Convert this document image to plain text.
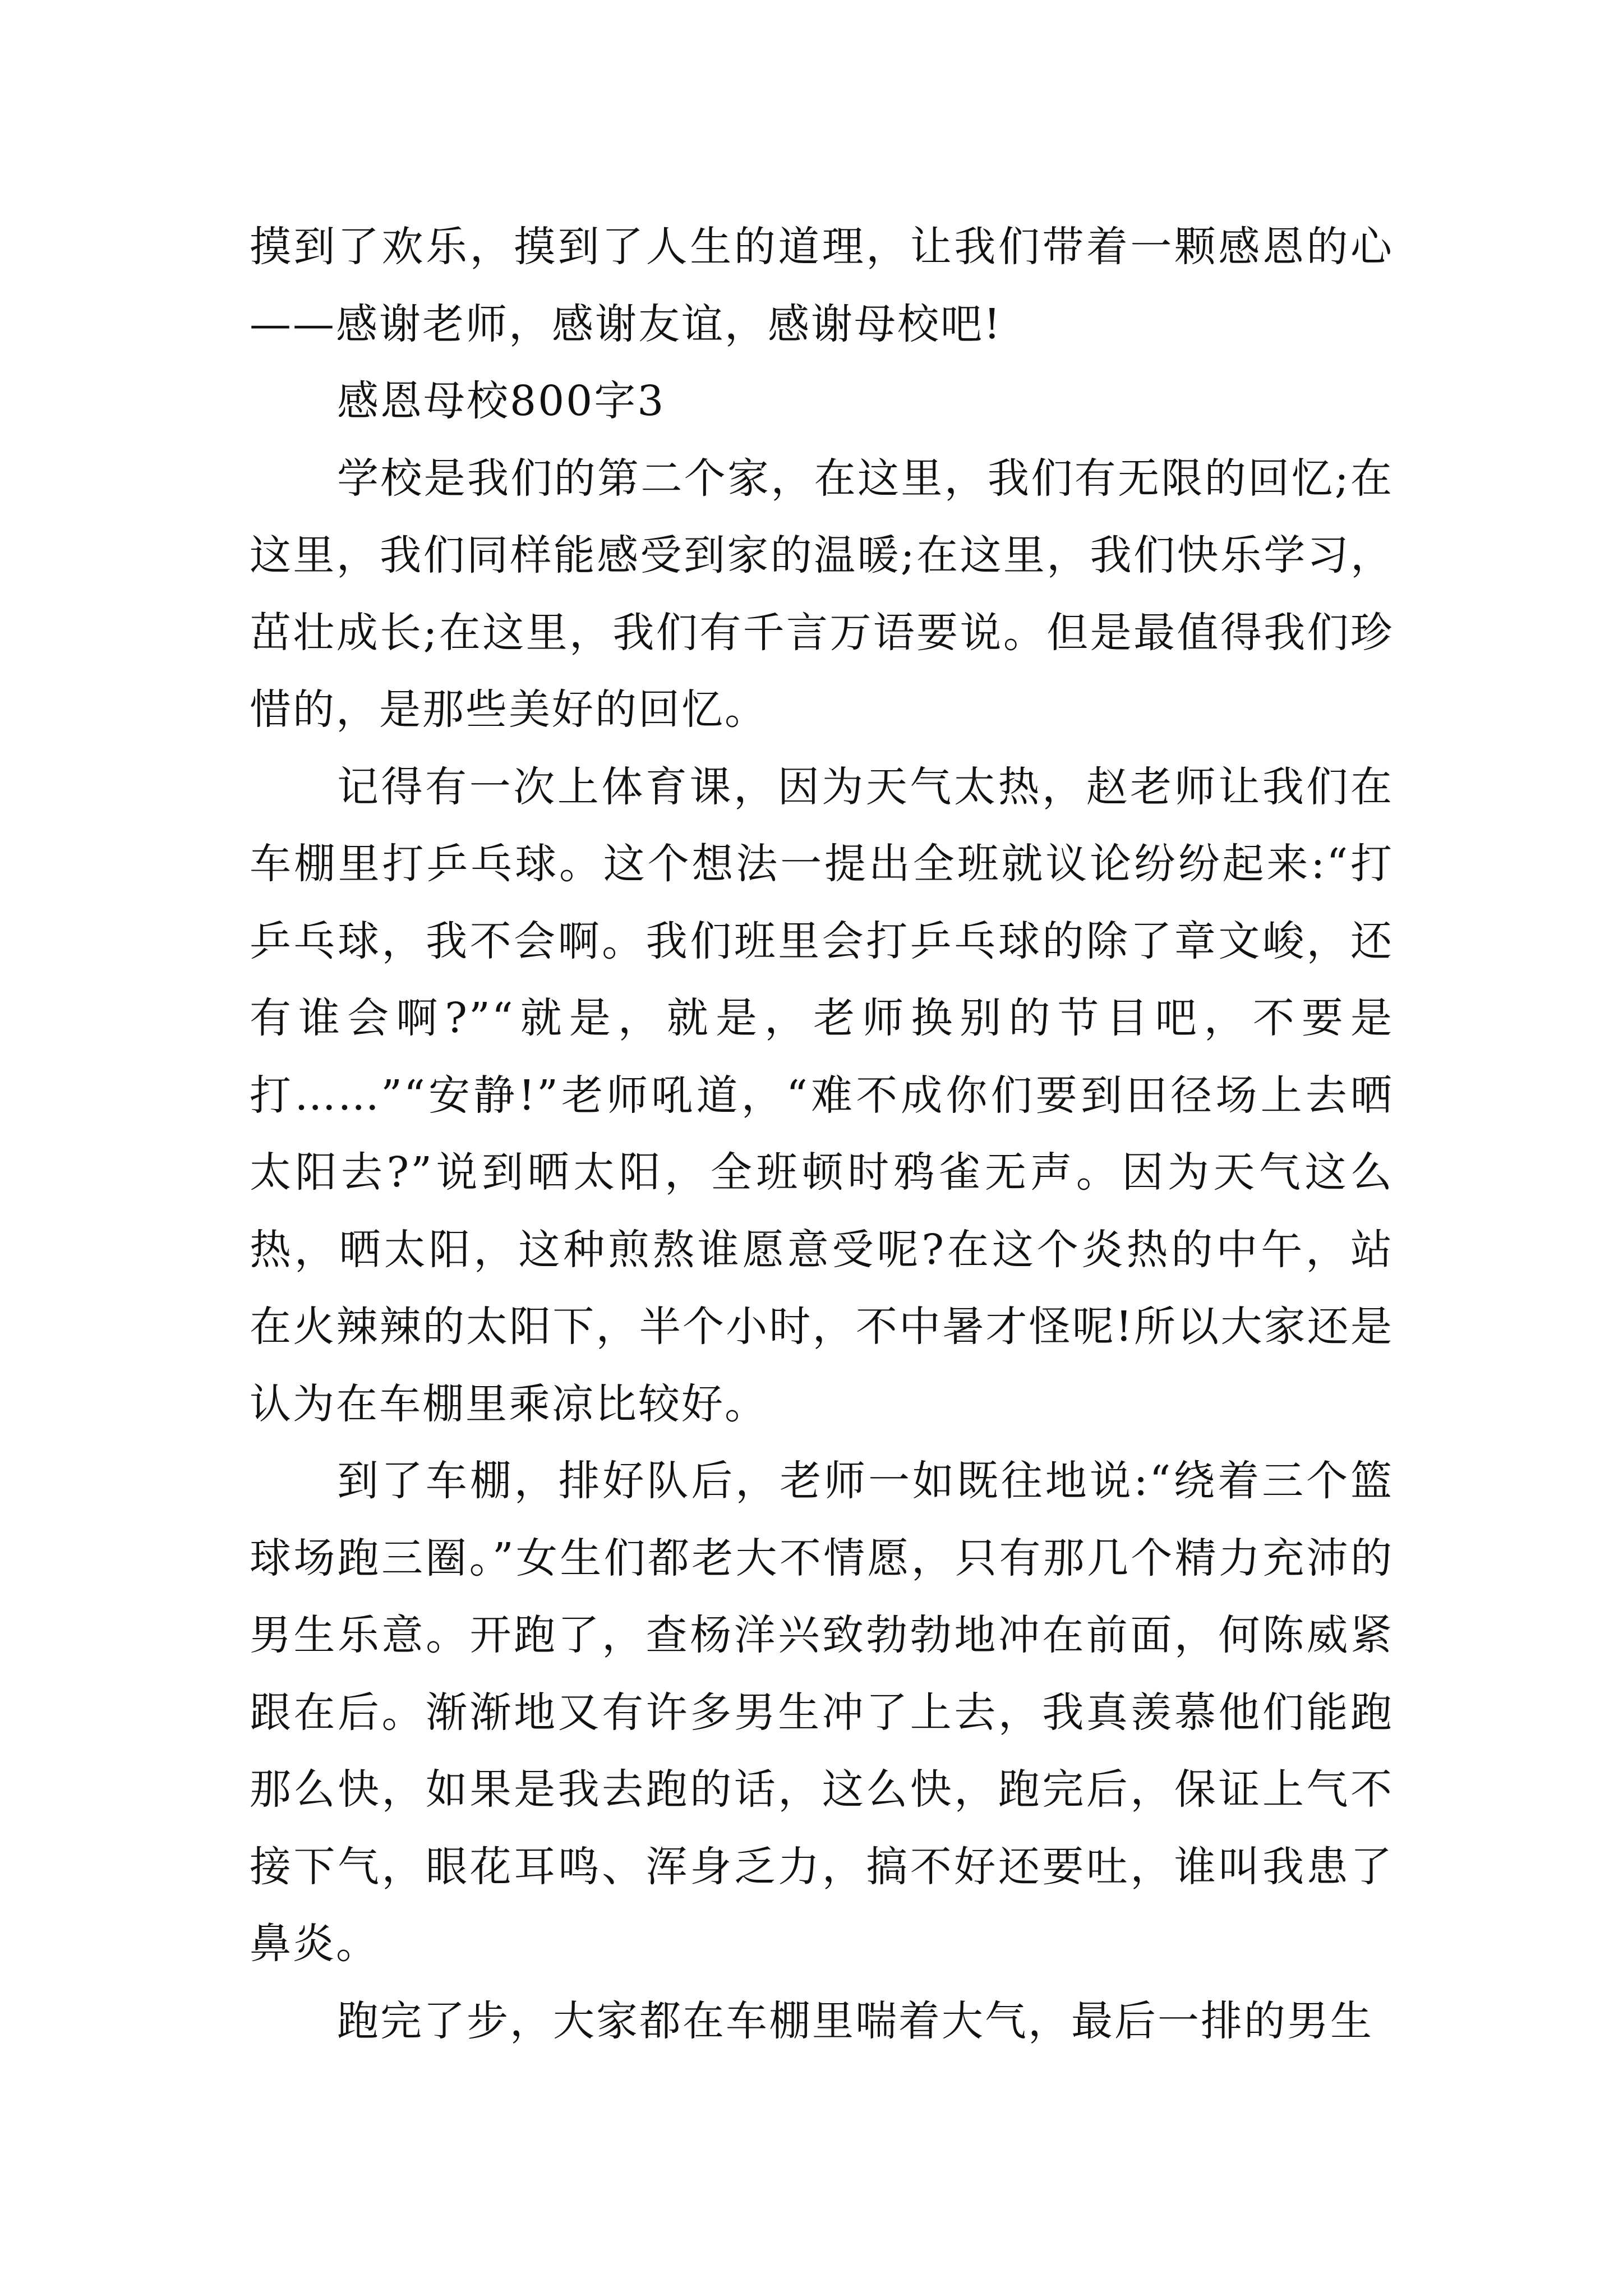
摸到了欢乐，摸到了人生的道理，让我们带着一颗感恩的心——感谢老师，感谢友谊，感谢母校吧!

感恩母校800字3

学校是我们的第二个家，在这里，我们有无限的回忆;在这里，我们同样能感受到家的温暖;在这里，我们快乐学习，茁壮成长;在这里，我们有千言万语要说。但是最值得我们珍惜的，是那些美好的回忆。

记得有一次上体育课，因为天气太热，赵老师让我们在车棚里打乒乓球。这个想法一提出全班就议论纷纷起来:“打乒乓球，我不会啊。我们班里会打乒乓球的除了章文峻，还有谁会啊?”“就是，就是，老师换别的节目吧，不要是打……”“安静!”老师吼道，“难不成你们要到田径场上去晒太阳去?”说到晒太阳，全班顿时鸦雀无声。因为天气这么热，晒太阳，这种煎熬谁愿意受呢?在这个炎热的中午，站在火辣辣的太阳下，半个小时，不中暑才怪呢!所以大家还是认为在车棚里乘凉比较好。

到了车棚，排好队后，老师一如既往地说:“绕着三个篮球场跑三圈。”女生们都老大不情愿，只有那几个精力充沛的男生乐意。开跑了，查杨洋兴致勃勃地冲在前面，何陈威紧跟在后。渐渐地又有许多男生冲了上去，我真羡慕他们能跑那么快，如果是我去跑的话，这么快，跑完后，保证上气不接下气，眼花耳鸣、浑身乏力，搞不好还要吐，谁叫我患了鼻炎。

跑完了步，大家都在车棚里喘着大气，最后一排的男生
